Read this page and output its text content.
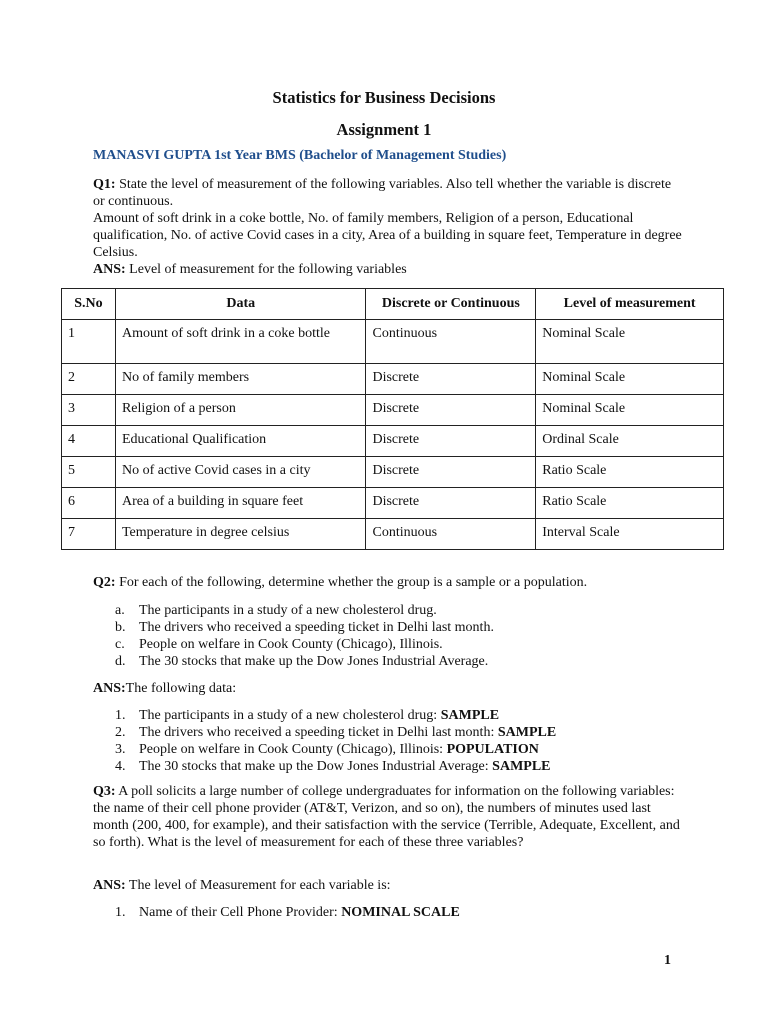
Statistics for Business Decisions
Assignment 1
MANASVI GUPTA 1st Year BMS (Bachelor of Management Studies)
Q1: State the level of measurement of the following variables. Also tell whether the variable is discrete or continuous.
Amount of soft drink in a coke bottle, No. of family members, Religion of a person, Educational qualification, No. of active Covid cases in a city, Area of a building in square feet, Temperature in degree Celsius.
ANS: Level of measurement for the following variables
S.No	Data	Discrete or Continuous	Level of measurement
1	Amount of soft drink in a coke bottle	Continuous	Nominal Scale
2	No of family members	Discrete	Nominal Scale
3	Religion of a person	Discrete	Nominal Scale
4	Educational Qualification	Discrete	Ordinal Scale
5	No of active Covid cases in a city	Discrete	Ratio Scale
6	Area of a building in square feet	Discrete	Ratio Scale
7	Temperature in degree celsius	Continuous	Interval Scale
Q2: For each of the following, determine whether the group is a sample or a population.
a. The participants in a study of a new cholesterol drug.
b. The drivers who received a speeding ticket in Delhi last month.
c. People on welfare in Cook County (Chicago), Illinois.
d. The 30 stocks that make up the Dow Jones Industrial Average.
ANS:The following data:
1. The participants in a study of a new cholesterol drug: SAMPLE
2. The drivers who received a speeding ticket in Delhi last month: SAMPLE
3. People on welfare in Cook County (Chicago), Illinois: POPULATION
4. The 30 stocks that make up the Dow Jones Industrial Average: SAMPLE
Q3: A poll solicits a large number of college undergraduates for information on the following variables: the name of their cell phone provider (AT&T, Verizon, and so on), the numbers of minutes used last month (200, 400, for example), and their satisfaction with the service (Terrible, Adequate, Excellent, and so forth). What is the level of measurement for each of these three variables?
ANS: The level of Measurement for each variable is:
1. Name of their Cell Phone Provider: NOMINAL SCALE
1
